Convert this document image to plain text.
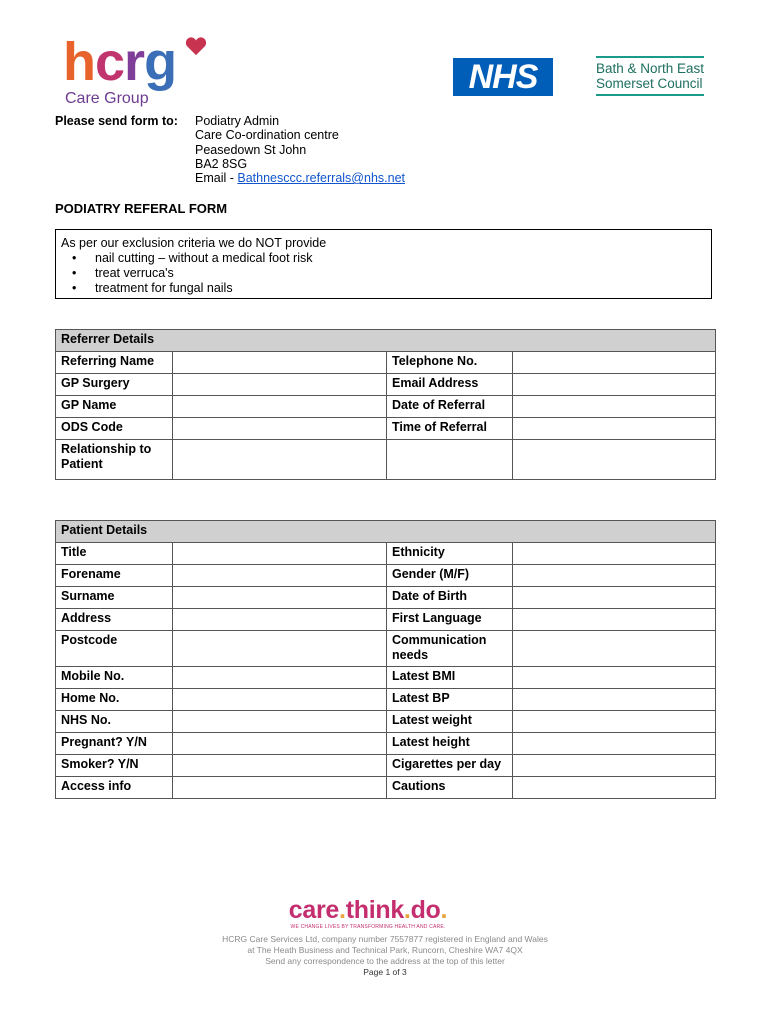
hcrg
Care Group
NHS	Bath & North East
Somerset Council
Please send form to: Podiatry Admin
Care Co-ordination centre
Peasedown St John
BA2 8SG
Email - Bathnesccc.referrals@nhs.net
PODIATRY REFERAL FORM
As per our exclusion criteria we do NOT provide
• nail cutting – without a medical foot risk
• treat verruca's
• treatment for fungal nails
Referrer Details			
Referring Name		Telephone No.	
GP Surgery		Email Address	
GP Name		Date of Referral	
ODS Code		Time of Referral	
Relationship to Patient			
Patient Details			
Title		Ethnicity	
Forename		Gender (M/F)	
Surname		Date of Birth	
Address		First Language	
Postcode		Communication needs	
Mobile No.		Latest BMI	
Home No.		Latest BP	
NHS No.		Latest weight	
Pregnant? Y/N		Latest height	
Smoker? Y/N		Cigarettes per day	
Access info		Cautions	
care.think.do.
WE CHANGE LIVES BY TRANSFORMING HEALTH AND CARE.
HCRG Care Services Ltd, company number 7557877 registered in England and Wales
at The Heath Business and Technical Park, Runcorn, Cheshire WA7 4QX
Send any correspondence to the address at the top of this letter
Page 1 of 3
